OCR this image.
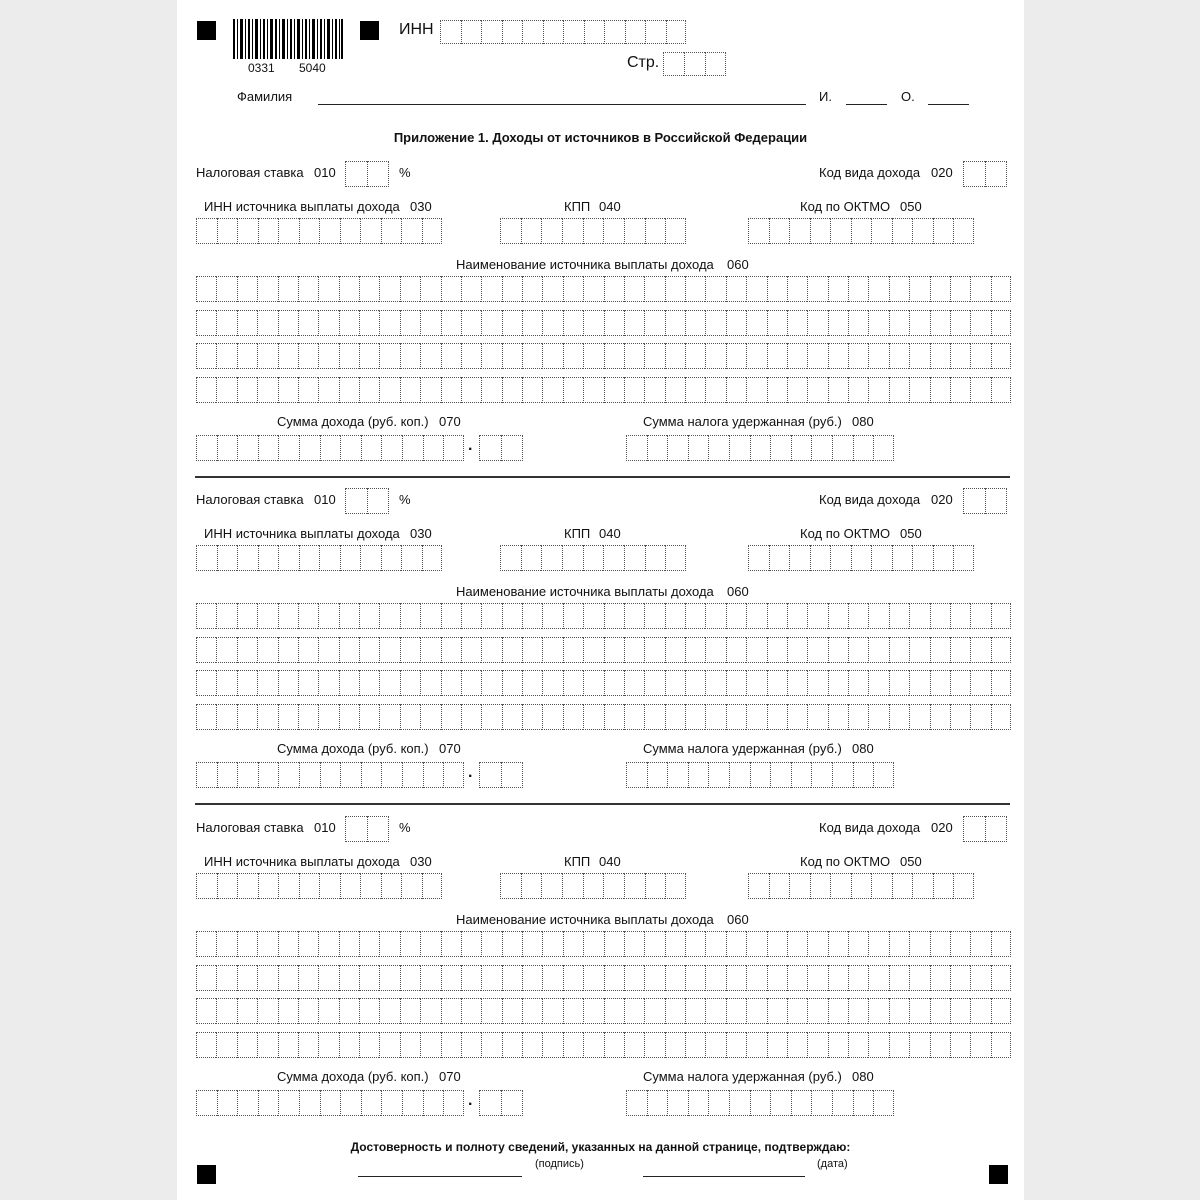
0331 5040
ИНН
Стр.
Фамилия	И.	О.
Приложение 1. Доходы от источников в Российской Федерации
Налоговая ставка 010	%	Код вида дохода 020
ИНН источника выплаты дохода 030	КПП 040	Код по ОКТМО 050
Наименование источника выплаты дохода 060
Сумма дохода (руб. коп.) 070
.
Сумма налога удержанная (руб.) 080
Налоговая ставка 010	%	Код вида дохода 020
ИНН источника выплаты дохода 030	КПП 040	Код по ОКТМО 050
Наименование источника выплаты дохода 060
Сумма дохода (руб. коп.) 070
.
Сумма налога удержанная (руб.) 080
Налоговая ставка 010	%	Код вида дохода 020
ИНН источника выплаты дохода 030	КПП 040	Код по ОКТМО 050
Наименование источника выплаты дохода 060
Сумма дохода (руб. коп.) 070
.
Сумма налога удержанная (руб.) 080
Достоверность и полноту сведений, указанных на данной странице, подтверждаю:
(подпись)	(дата)
